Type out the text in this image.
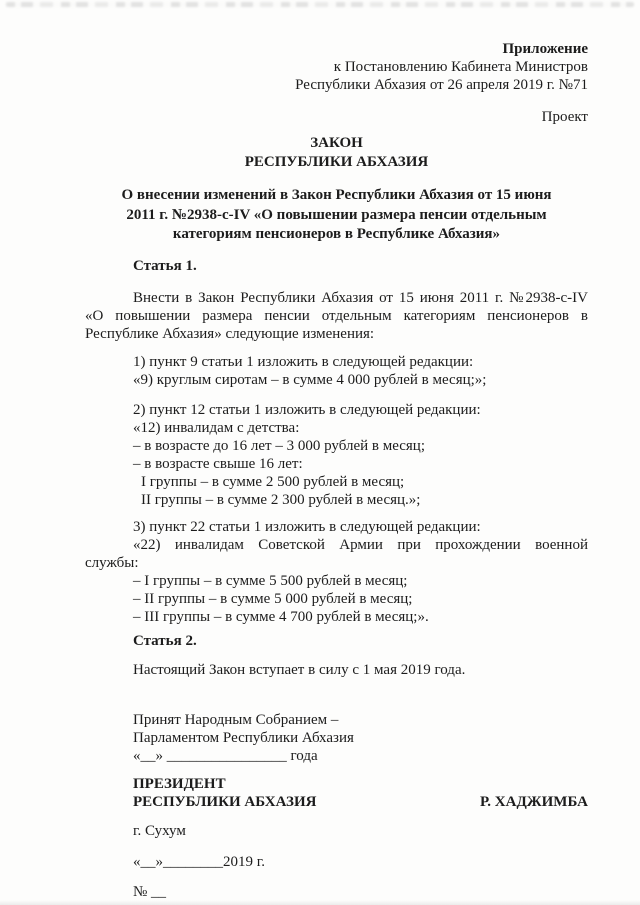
Приложение
к Постановлению Кабинета Министров
Республики Абхазия от 26 апреля 2019 г. №71
Проект
ЗАКОН
РЕСПУБЛИКИ АБХАЗИЯ
О внесении изменений в Закон Республики Абхазия от 15 июня
2011 г. №2938-с-IV «О повышении размера пенсии отдельным
категориям пенсионеров в Республике Абхазия»
Статья 1.
Внести в Закон Республики Абхазия от 15 июня 2011 г. №2938-с-IV
«О повышении размера пенсии отдельным категориям пенсионеров в
Республике Абхазия» следующие изменения:
1) пункт 9 статьи 1 изложить в следующей редакции:
«9) круглым сиротам – в сумме 4 000 рублей в месяц;»;
2) пункт 12 статьи 1 изложить в следующей редакции:
«12) инвалидам с детства:
– в возрасте до 16 лет – 3 000 рублей в месяц;
– в возрасте свыше 16 лет:
I группы – в сумме 2 500 рублей в месяц;
II группы – в сумме 2 300 рублей в месяц.»;
3) пункт 22 статьи 1 изложить в следующей редакции:
«22) инвалидам Советской Армии при прохождении военной
службы:
– I группы – в сумме 5 500 рублей в месяц;
– II группы – в сумме 5 000 рублей в месяц;
– III группы – в сумме 4 700 рублей в месяц;».
Статья 2.
Настоящий Закон вступает в силу с 1 мая 2019 года.
Принят Народным Собранием –
Парламентом Республики Абхазия
«__» ________________ года
ПРЕЗИДЕНТ
РЕСПУБЛИКИ АБХАЗИЯ	Р. ХАДЖИМБА
г. Сухум
«__»________2019 г.
№ __
